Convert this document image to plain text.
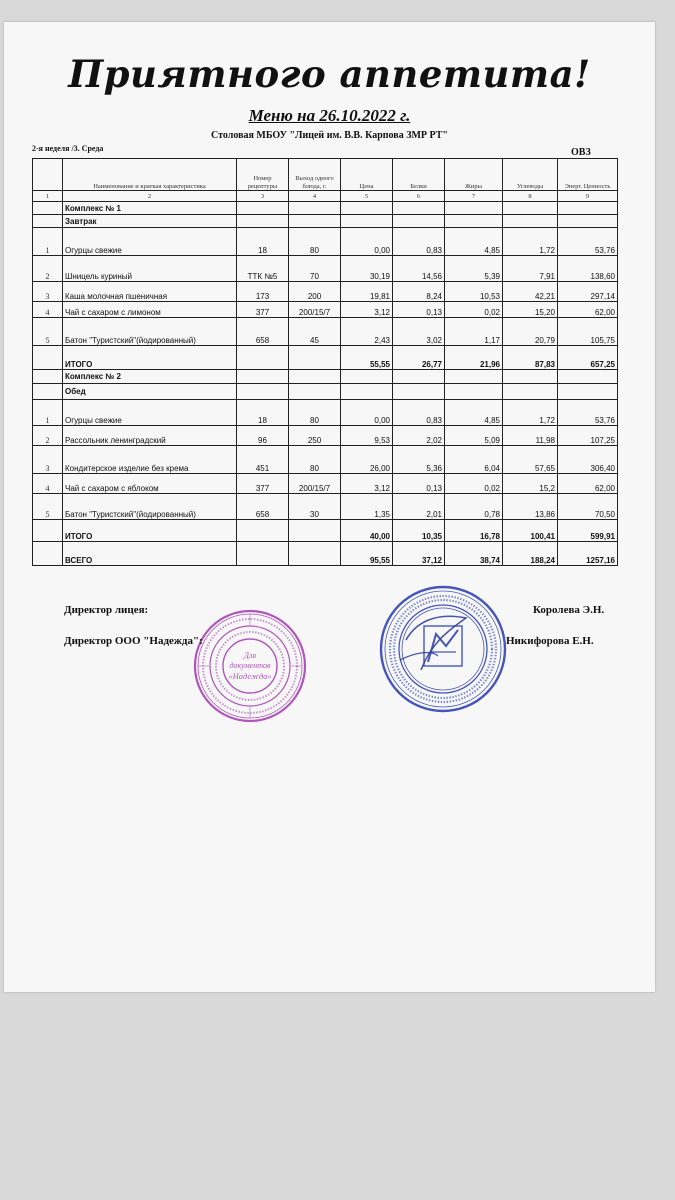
Приятного аппетита!
Меню на 26.10.2022 г.
Столовая МБОУ "Лицей им. В.В. Карпова ЗМР РТ"
2-я неделя /3. Среда	ОВЗ
	Наименование и краткая характеристика	Номер рецептуры	Выход одного блюда, г.	Цена	Белки	Жиры	Углеводы	Энерг. Ценность
1	2	3	4	5	6	7	8	9
	Комплекс № 1							
	Завтрак							
1	Огурцы свежие	18	80	0,00	0,83	4,85	1,72	53,76
2	Шницель куриный	ТТК №5	70	30,19	14,56	5,39	7,91	138,60
3	Каша молочная пшеничная	173	200	19,81	8,24	10,53	42,21	297,14
4	Чай с сахаром с лимоном	377	200/15/7	3,12	0,13	0,02	15,20	62,00
5	Батон "Туристский"(йодированный)	658	45	2,43	3,02	1,17	20,79	105,75
	ИТОГО			55,55	26,77	21,96	87,83	657,25
	Комплекс № 2							
	Обед							
1	Огурцы свежие	18	80	0,00	0,83	4,85	1,72	53,76
2	Рассольник ленинградский	96	250	9,53	2,02	5,09	11,98	107,25
3	Кондитерское изделие без крема	451	80	26,00	5,36	6,04	57,65	306,40
4	Чай с сахаром с яблоком	377	200/15/7	3,12	0,13	0,02	15,2	62,00
5	Батон "Туристский"(йодированный)	658	30	1,35	2,01	0,78	13,86	70,50
	ИТОГО			40,00	10,35	16,78	100,41	599,91
	ВСЕГО			95,55	37,12	38,74	188,24	1257,16
Для
документов
«Надежда»
Директор лицея:	Королева Э.Н.
Директор ООО "Надежда":	Никифорова Е.Н.
